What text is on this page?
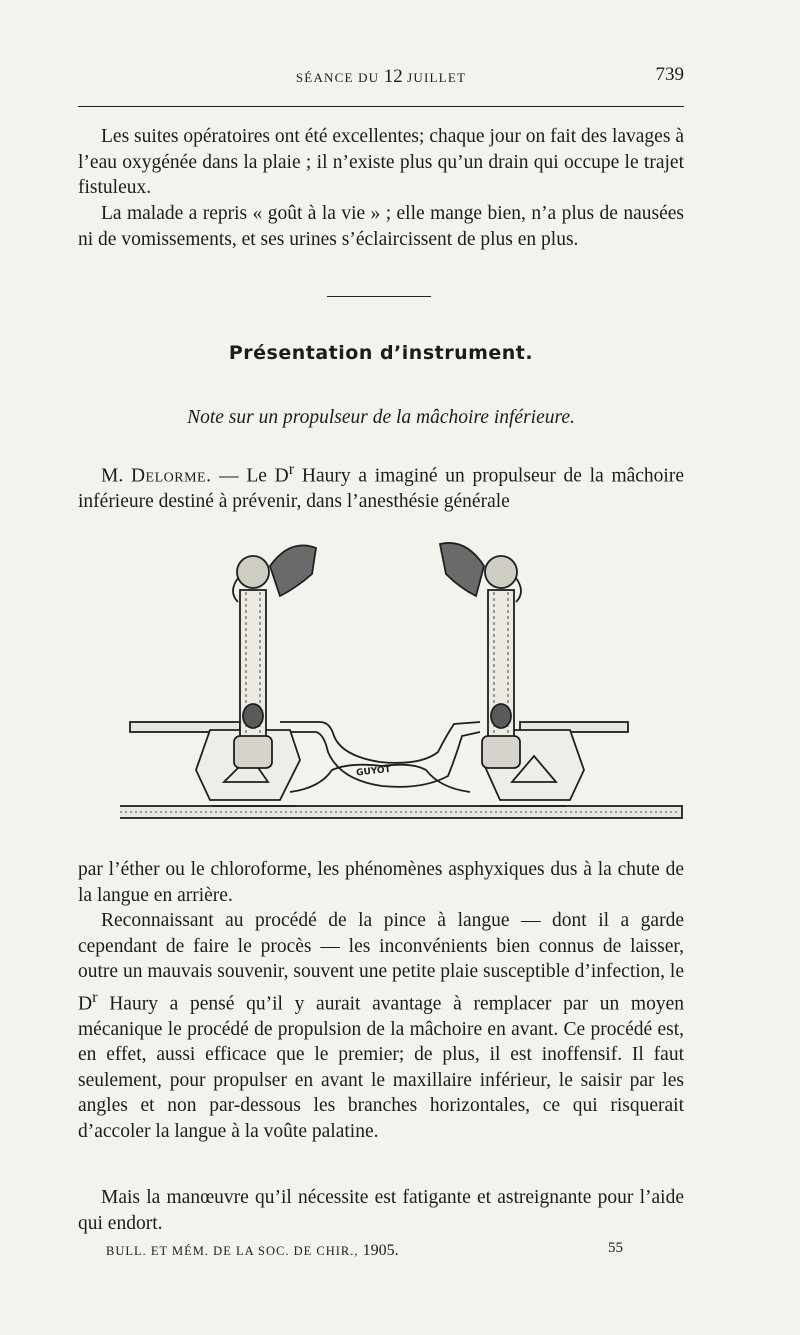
SÉANCE DU 12 JUILLET	739

Les suites opératoires ont été excellentes; chaque jour on fait des lavages à l’eau oxygénée dans la plaie ; il n’existe plus qu’un drain qui occupe le trajet fistuleux.

La malade a repris « goût à la vie » ; elle mange bien, n’a plus de nausées ni de vomissements, et ses urines s’éclaircissent de plus en plus.

Présentation d’instrument.
Note sur un propulseur de la mâchoire inférieure.

M. Delorme. — Le $D^r$ Haury a imaginé un propulseur de la mâchoire inférieure destiné à prévenir, dans l’anesthésie générale

GUYOT

par l’éther ou le chloroforme, les phénomènes asphyxiques dus à la chute de la langue en arrière.

Reconnaissant au procédé de la pince à langue — dont il a garde cependant de faire le procès — les inconvénients bien connus de laisser, outre un mauvais souvenir, souvent une petite plaie susceptible d’infection, le $D^r$ Haury a pensé qu’il y aurait avantage à remplacer par un moyen mécanique le procédé de propulsion de la mâchoire en avant. Ce procédé est, en effet, aussi efficace que le premier; de plus, il est inoffensif. Il faut seulement, pour propulser en avant le maxillaire inférieur, le saisir par les angles et non par-dessous les branches horizontales, ce qui risquerait d’accoler la langue à la voûte palatine.

Mais la manœuvre qu’il nécessite est fatigante et astreignante pour l’aide qui endort.

BULL. ET MÉM. DE LA SOC. DE CHIR., 1905.	55
